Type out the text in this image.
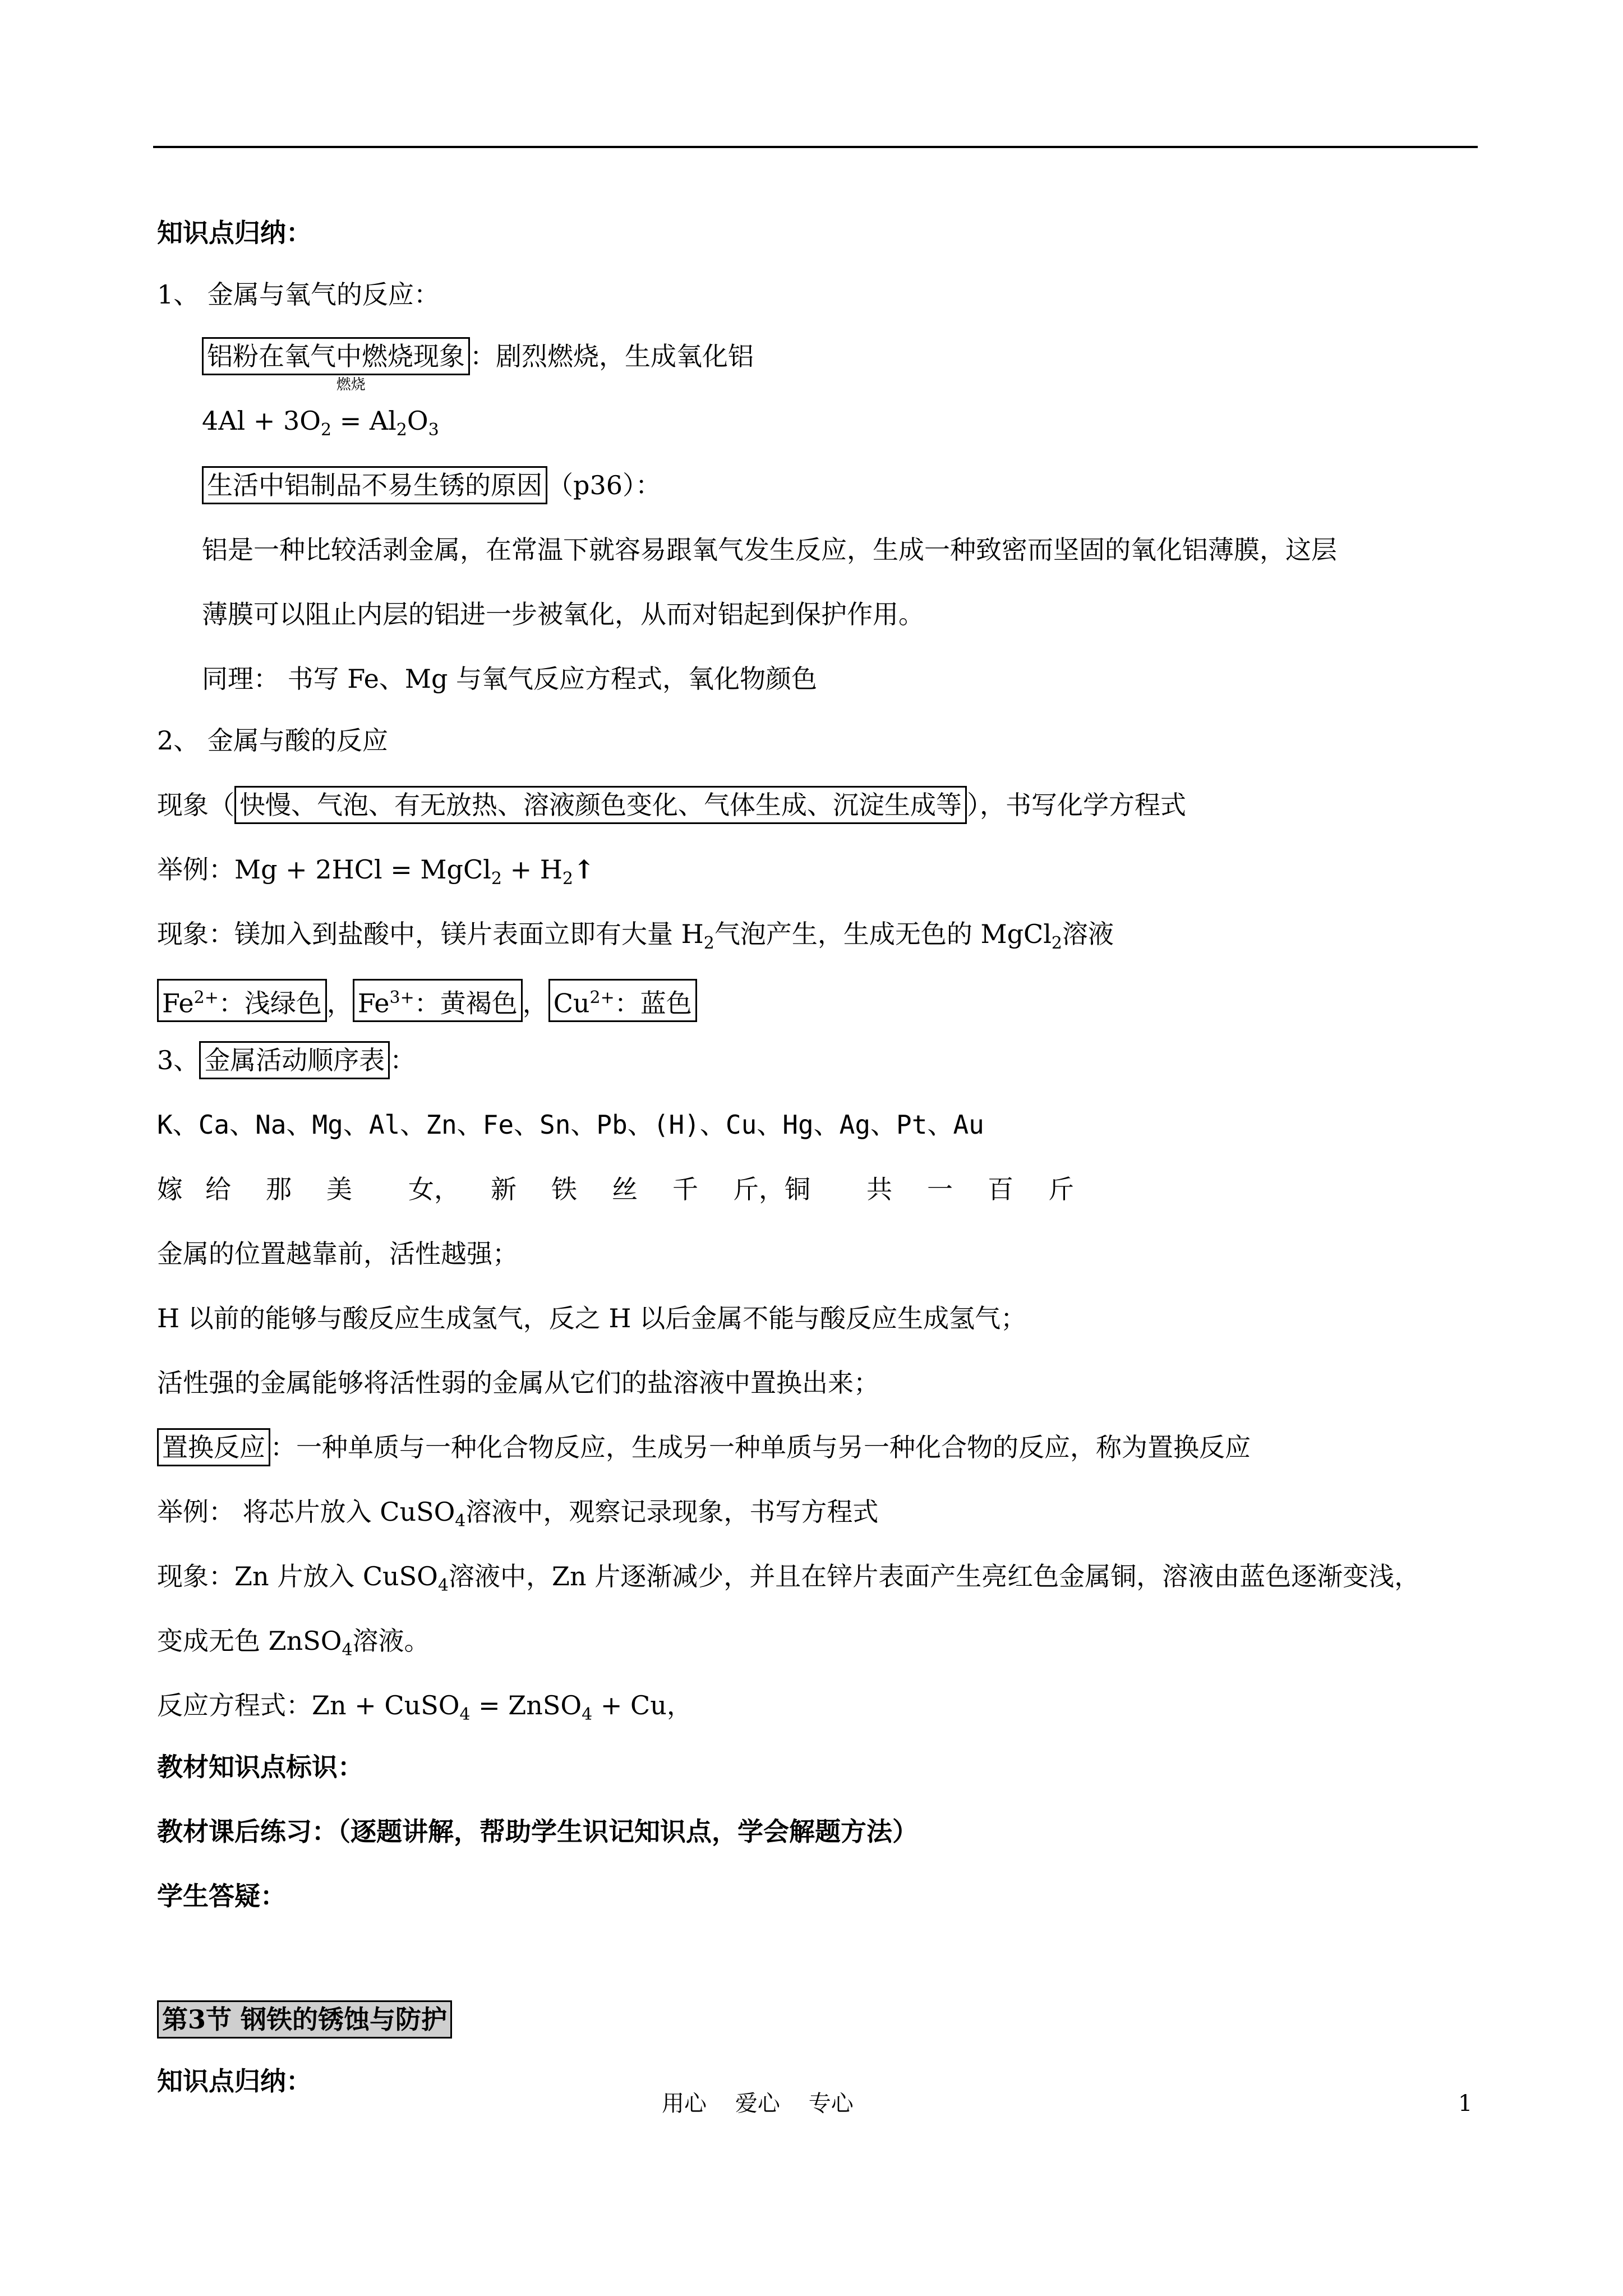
知识点归纳：
1、 金属与氧气的反应：
铝粉在氧气中燃烧现象 ：剧烈燃烧，生成氧化铝
$4Al + 3O_2$
燃烧
= $Al_2O_3$
生活中铝制品不易生锈的原因 （p36）：
铝是一种比较活剥金属，在常温下就容易跟氧气发生反应，生成一种致密而坚固的氧化铝薄膜，这层
薄膜可以阻止内层的铝进一步被氧化，从而对铝起到保护作用。
同理： 书写 Fe、Mg 与氧气反应方程式，氧化物颜色
2、 金属与酸的反应
现象（ 快慢、气泡、有无放热、溶液颜色变化、气体生成、沉淀生成等 ），书写化学方程式
举例：Mg + 2HCl = MgCl$_2$ + $H_2↑$
现象：镁加入到盐酸中，镁片表面立即有大量 $H_2$气泡产生，生成无色的 MgCl$_2$溶液
$Fe^{2+}$：浅绿色 ， $Fe^{3+}$：黄褐色 ， $Cu^{2+}$：蓝色
3、 金属活动顺序表 ：
K、Ca、Na、Mg、Al、Zn、Fe、Sn、Pb、(H)、Cu、Hg、Ag、Pt、Au
嫁 给 那 美 女， 新 铁 丝 千 斤，铜 共 一 百 斤
金属的位置越靠前，活性越强；
H 以前的能够与酸反应生成氢气，反之 H 以后金属不能与酸反应生成氢气；
活性强的金属能够将活性弱的金属从它们的盐溶液中置换出来；
置换反应 ：一种单质与一种化合物反应，生成另一种单质与另一种化合物的反应，称为置换反应
举例： 将芯片放入 CuSO$_4$溶液中，观察记录现象，书写方程式
现象：Zn 片放入 CuSO$_4$溶液中，Zn 片逐渐减少，并且在锌片表面产生亮红色金属铜，溶液由蓝色逐渐变浅，
变成无色 ZnSO$_4$溶液。
反应方程式：Zn + CuSO$_4$ = ZnSO$_4$ + Cu，
教材知识点标识：
教材课后练习：（逐题讲解，帮助学生识记知识点，学会解题方法）
学生答疑：
第3节 钢铁的锈蚀与防护
知识点归纳：
用心    爱心    专心	1
